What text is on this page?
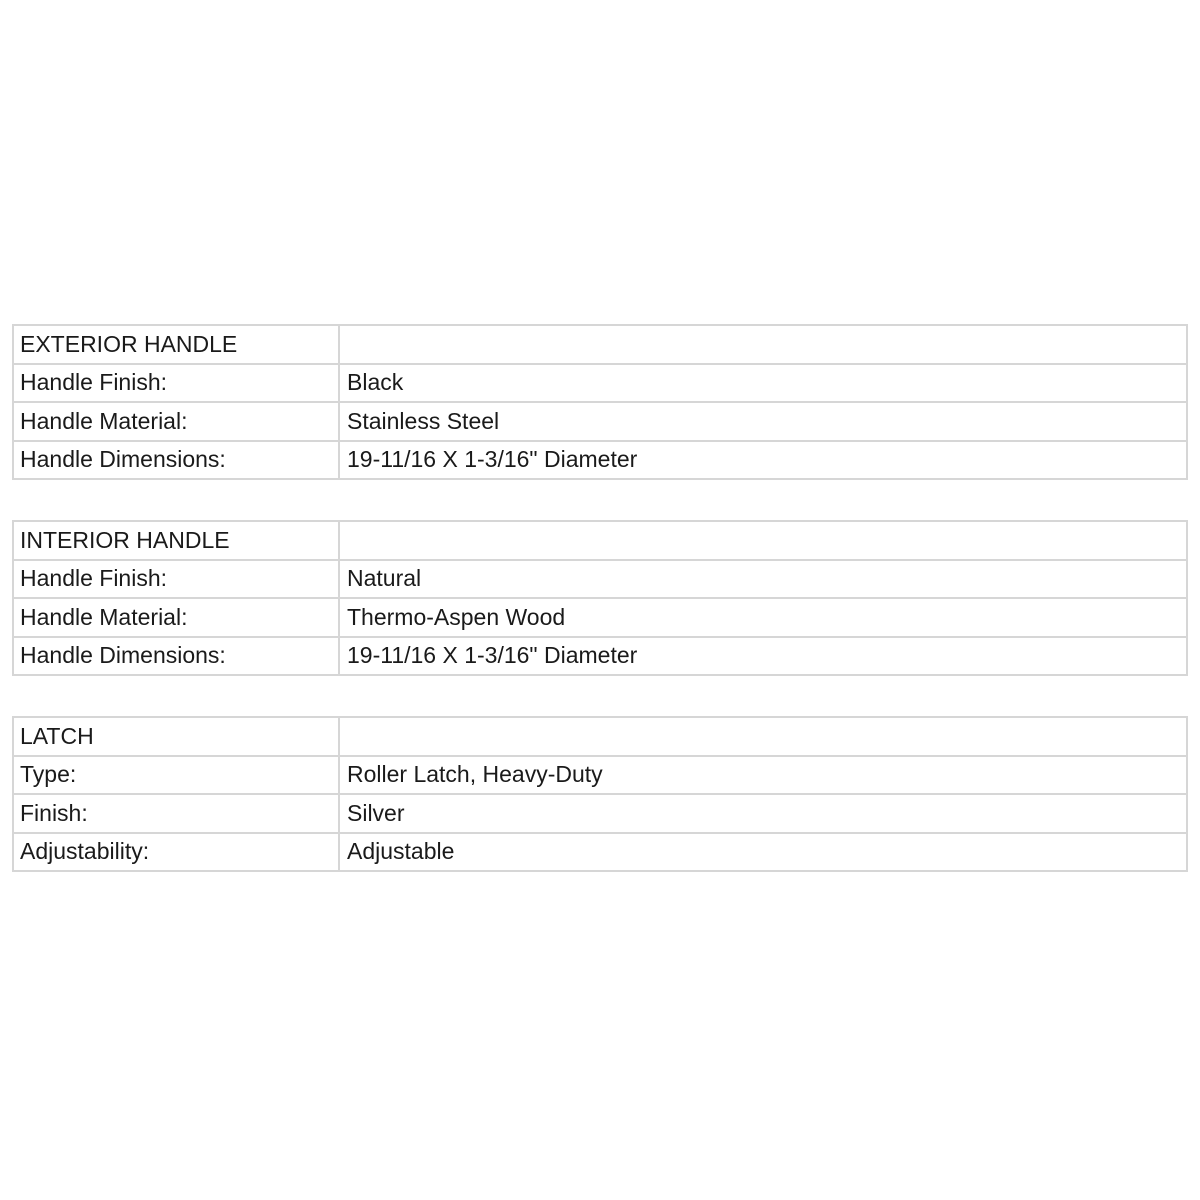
EXTERIOR HANDLE	
Handle Finish:	Black
Handle Material:	Stainless Steel
Handle Dimensions:	19-11/16 X 1-3/16" Diameter
INTERIOR HANDLE	
Handle Finish:	Natural
Handle Material:	Thermo-Aspen Wood
Handle Dimensions:	19-11/16 X 1-3/16" Diameter
LATCH	
Type:	Roller Latch, Heavy-Duty
Finish:	Silver
Adjustability:	Adjustable
